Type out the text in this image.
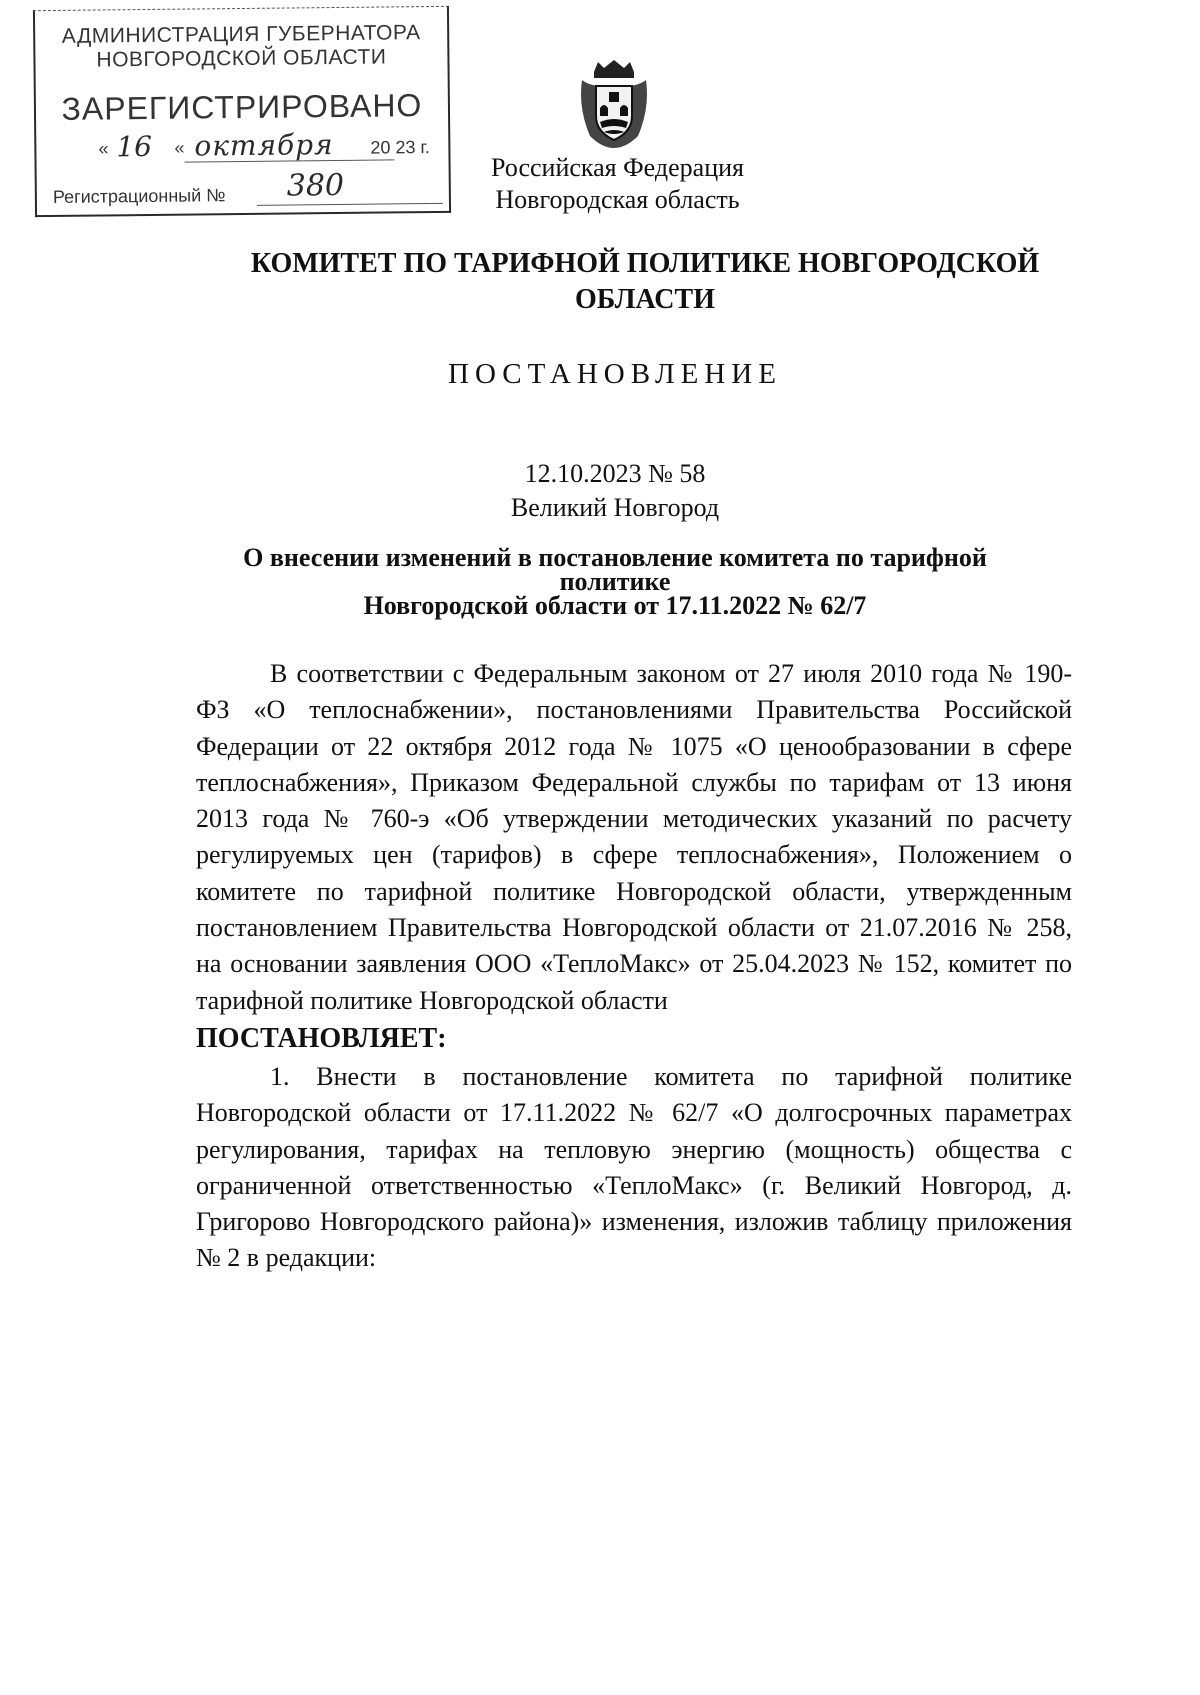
АДМИНИСТРАЦИЯ ГУБЕРНАТОРА
НОВГОРОДСКОЙ ОБЛАСТИ
ЗАРЕГИСТРИРОВАНО
« 16 « октября 20 23 г.
Регистрационный № 380
Российская Федерация
Новгородская область
КОМИТЕТ ПО ТАРИФНОЙ ПОЛИТИКЕ НОВГОРОДСКОЙ
ОБЛАСТИ
ПОСТАНОВЛЕНИЕ
12.10.2023 № 58
Великий Новгород
О внесении изменений в постановление комитета по тарифной политике
Новгородской области от 17.11.2022 № 62/7

В соответствии с Федеральным законом от 27 июля 2010 года № 190-ФЗ «О теплоснабжении», постановлениями Правительства Российской Федерации от 22 октября 2012 года № 1075 «О ценообразовании в сфере теплоснабжения», Приказом Федеральной службы по тарифам от 13 июня 2013 года № 760-э «Об утверждении методических указаний по расчету регулируемых цен (тарифов) в сфере теплоснабжения», Положением о комитете по тарифной политике Новгородской области, утвержденным постановлением Правительства Новгородской области от 21.07.2016 № 258, на основании заявления ООО «ТеплоМакс» от 25.04.2023 № 152, комитет по тарифной политике Новгородской области

ПОСТАНОВЛЯЕТ:

1. Внести в постановление комитета по тарифной политике Новгородской области от 17.11.2022 № 62/7 «О долгосрочных параметрах регулирования, тарифах на тепловую энергию (мощность) общества с ограниченной ответственностью «ТеплоМакс» (г. Великий Новгород, д. Григорово Новгородского района)» изменения, изложив таблицу приложения № 2 в редакции:
